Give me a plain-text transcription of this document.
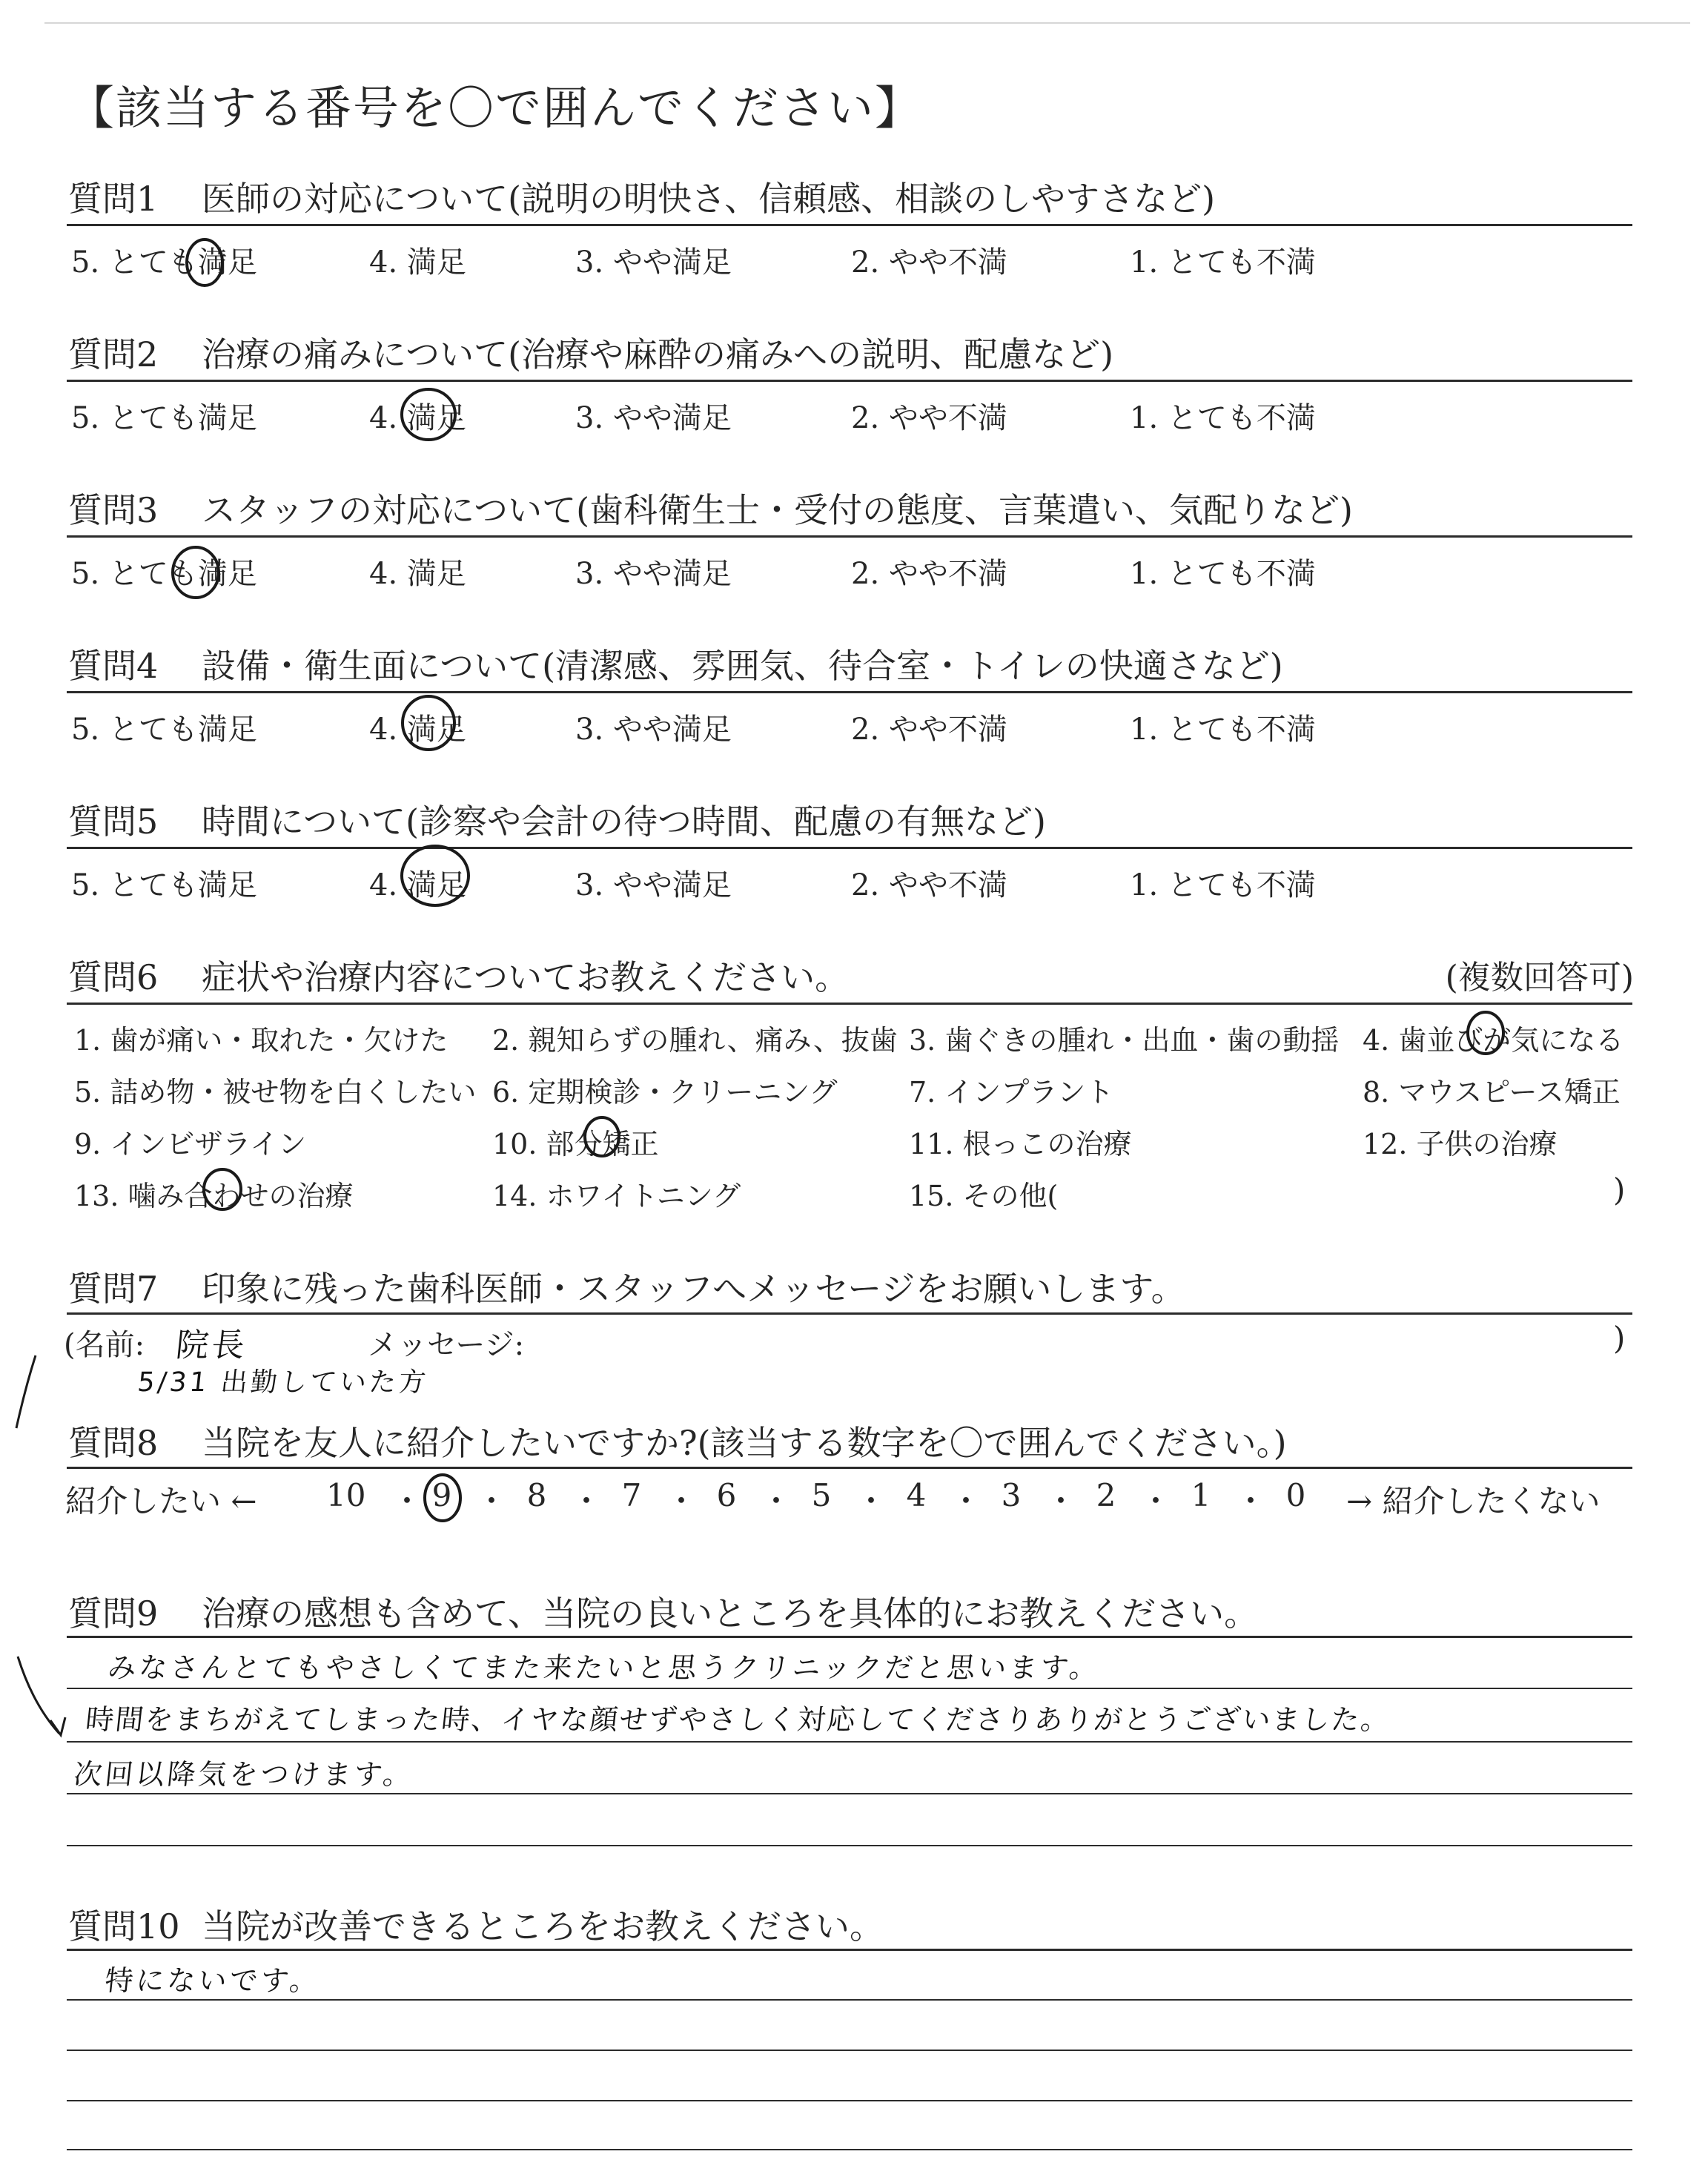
【該当する番号を〇で囲んでください】
質問1 医師の対応について(説明の明快さ、信頼感、相談のしやすさなど)
5. とても満足	4. 満足	3. やや満足	2. やや不満	1. とても不満
質問2 治療の痛みについて(治療や麻酔の痛みへの説明、配慮など)
5. とても満足	4. 満足	3. やや満足	2. やや不満	1. とても不満
質問3 スタッフの対応について(歯科衛生士・受付の態度、言葉遣い、気配りなど)
5. とても満足	4. 満足	3. やや満足	2. やや不満	1. とても不満
質問4 設備・衛生面について(清潔感、雰囲気、待合室・トイレの快適さなど)
5. とても満足	4. 満足	3. やや満足	2. やや不満	1. とても不満
質問5 時間について(診察や会計の待つ時間、配慮の有無など)
5. とても満足	4. 満足	3. やや満足	2. やや不満	1. とても不満
質問6 症状や治療内容についてお教えください。	(複数回答可)
1. 歯が痛い・取れた・欠けた 2. 親知らずの腫れ、痛み、抜歯 3. 歯ぐきの腫れ・出血・歯の動揺 4. 歯並びが気になる
5. 詰め物・被せ物を白くしたい 6. 定期検診・クリーニング	7. インプラント	8. マウスピース矯正
9. インビザライン	10. 部分矯正	11. 根っこの治療	12. 子供の治療
13. 噛み合わせの治療	14. ホワイトニング	15. その他(	)
質問7 印象に残った歯科医師・スタッフへメッセージをお願いします。
(名前: 院長	メッセージ:	)
5/31 出勤していた方
質問8 当院を友人に紹介したいですか?(該当する数字を〇で囲んでください。)
紹介したい ← 10 ・ 9 ・ 8 ・ 7 ・ 6 ・ 5 ・ 4 ・ 3 ・ 2 ・ 1 ・ 0 → 紹介したくない
質問9 治療の感想も含めて、当院の良いところを具体的にお教えください。
みなさんとてもやさしくてまた来たいと思うクリニックだと思います。
時間をまちがえてしまった時、イヤな顔せずやさしく対応してくださりありがとうございました。
次回以降気をつけます。
質問10 当院が改善できるところをお教えください。
特にないです。
